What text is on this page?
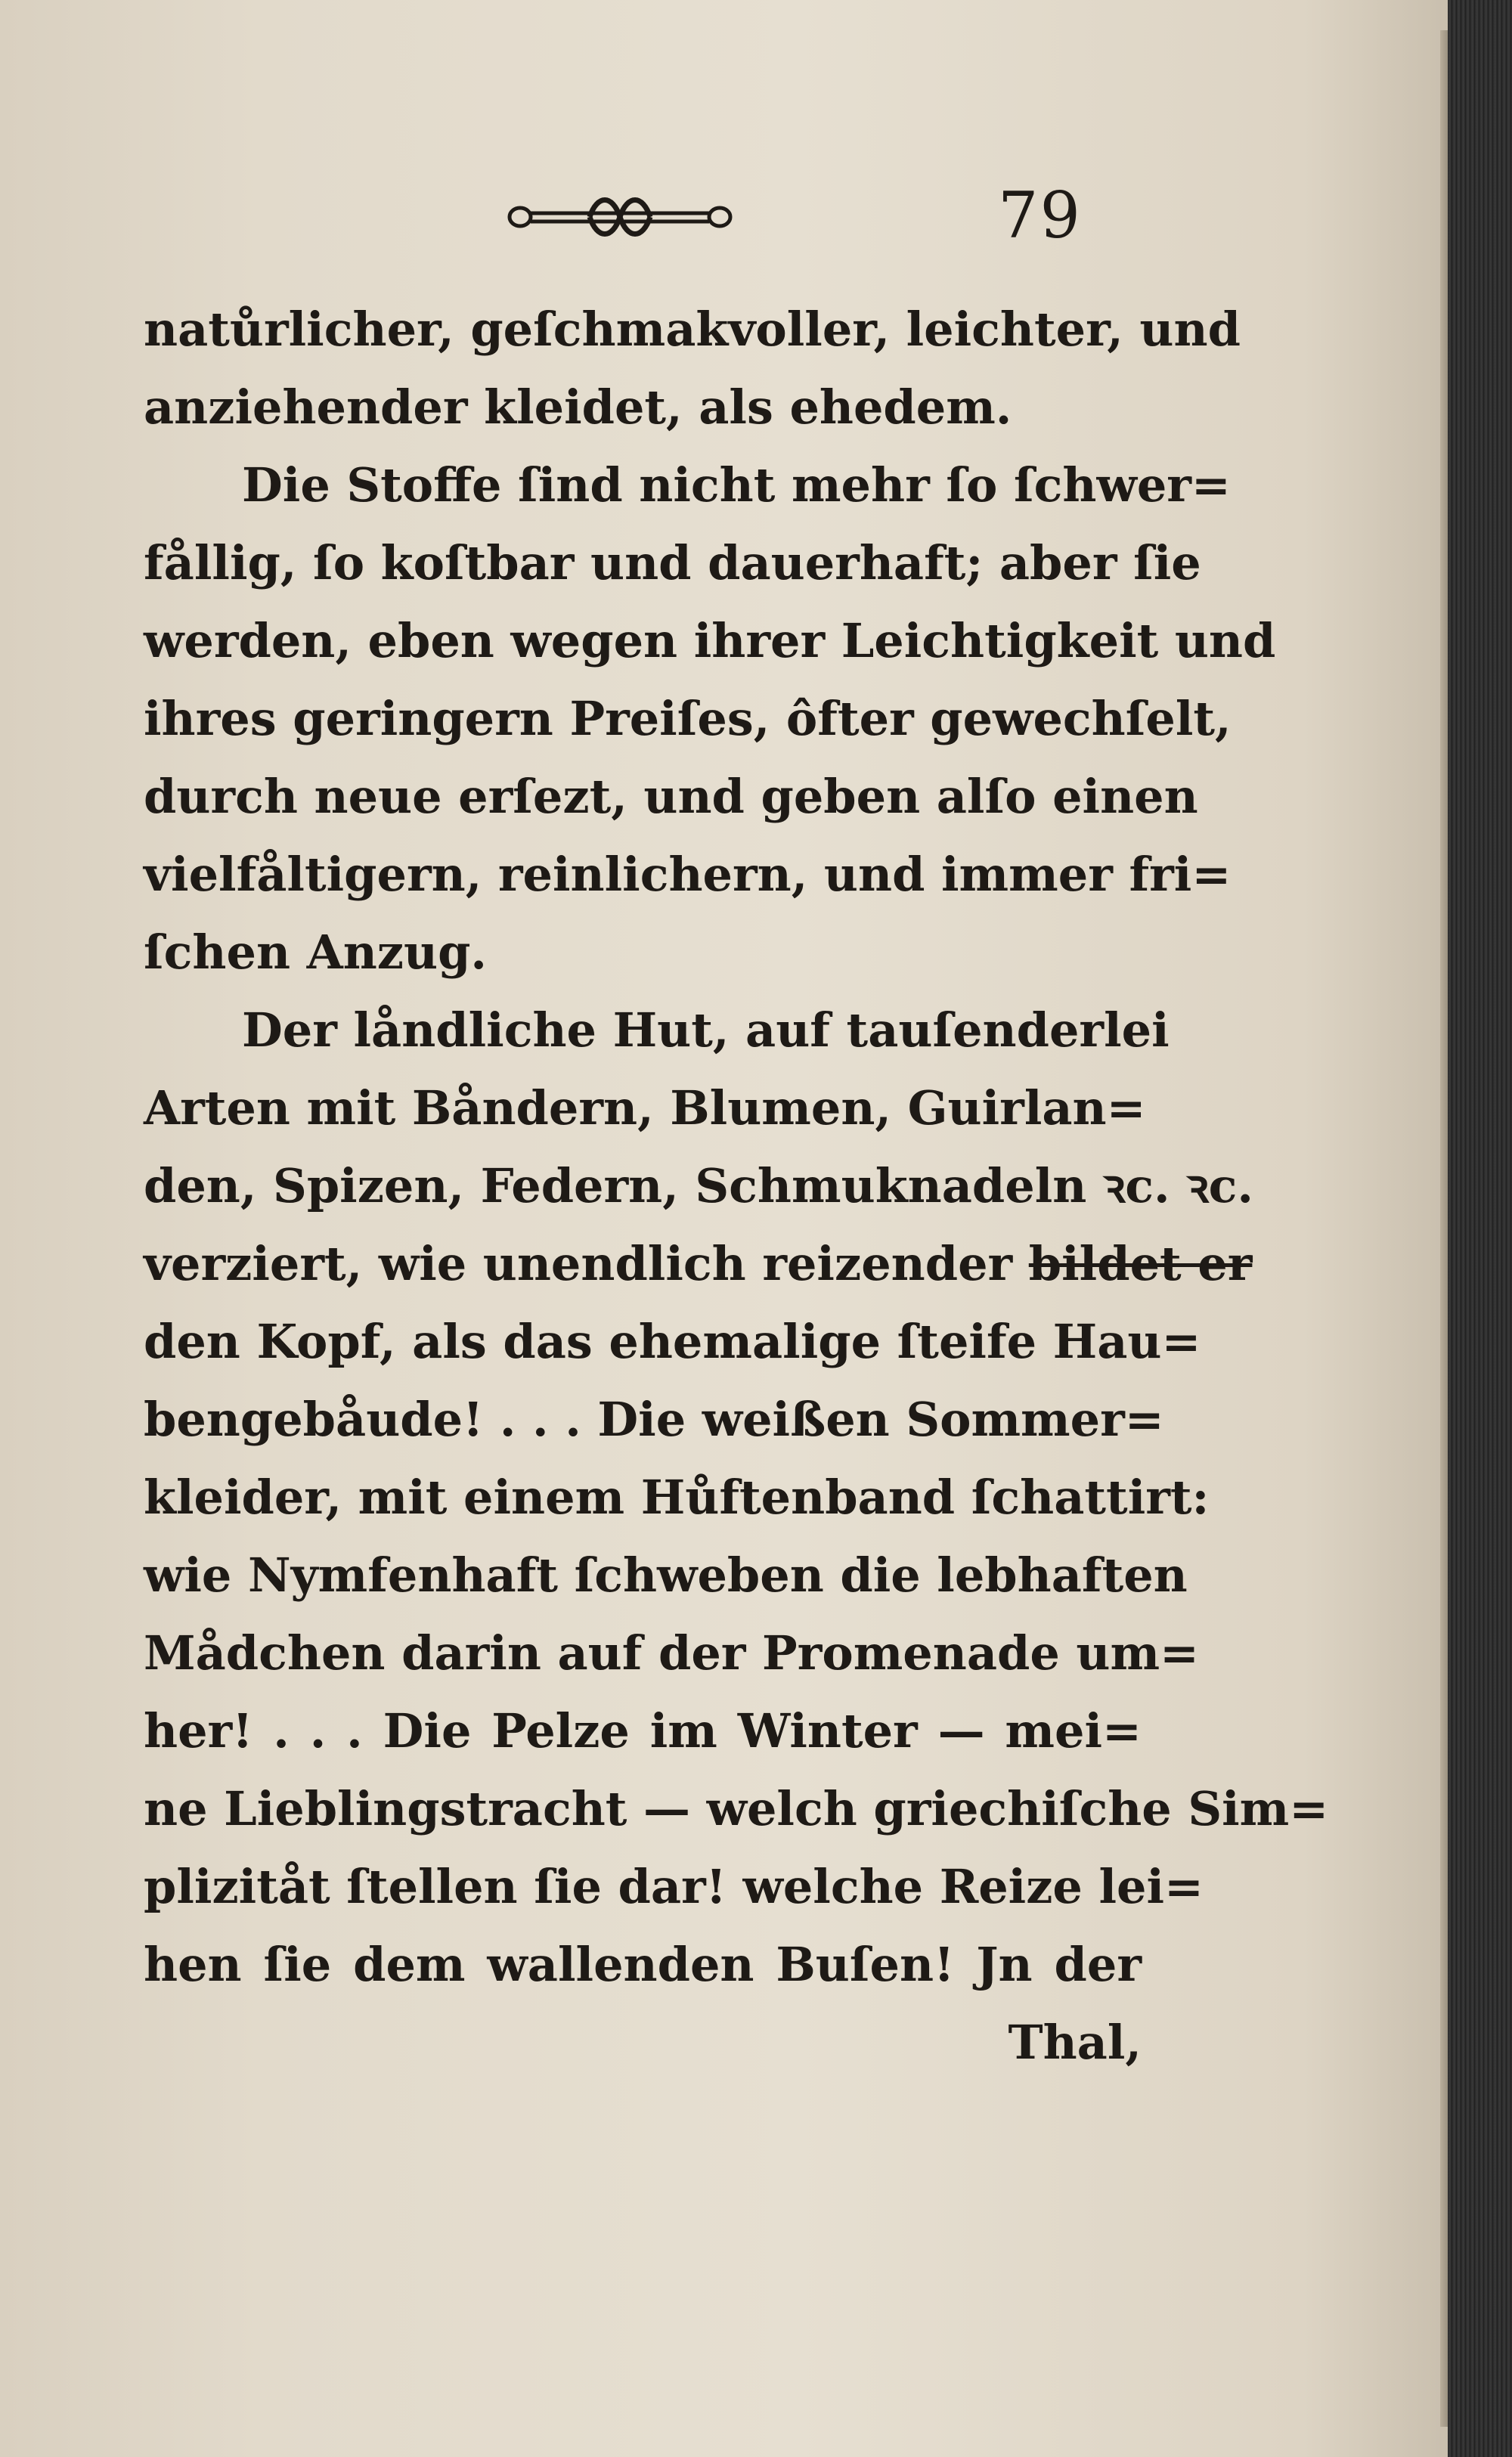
79
natůrlicher, geſchmakvoller, leichter, und
anziehender kleidet, als ehedem.
Die Stoffe ſind nicht mehr ſo ſchwer=
fållig, ſo koſtbar und dauerhaft; aber ſie
werden, eben wegen ihrer Leichtigkeit und
ihres geringern Preiſes, ôfter gewechſelt,
durch neue erſezt, und geben alſo einen
vielfåltigern, reinlichern, und immer fri=
ſchen Anzug.
Der låndliche Hut, auf tauſenderlei
Arten mit Båndern, Blumen, Guirlan=
den, Spizen, Federn, Schmuknadeln ꝛc. ꝛc.
verziert, wie unendlich reizender bildet er
den Kopf, als das ehemalige ſteife Hau=
bengebåude! . . . Die weißen Sommer=
kleider, mit einem Hůftenband ſchattirt:
wie Nymfenhaft ſchweben die lebhaften
Mådchen darin auf der Promenade um=
her! . . . Die Pelze im Winter — mei=
ne Lieblingstracht — welch griechiſche Sim=
plizitåt ſtellen ſie dar! welche Reize lei=
hen ſie dem wallenden Buſen! Jn der
Thal,
